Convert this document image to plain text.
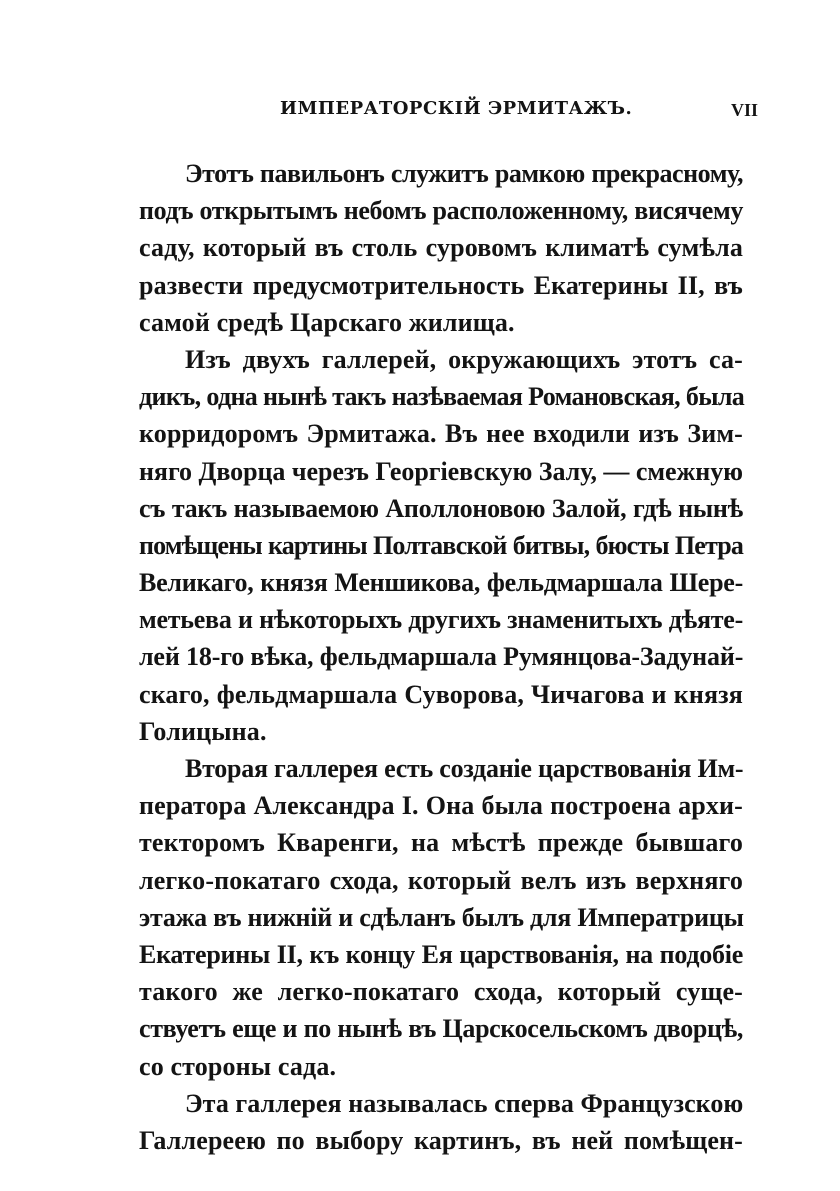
ИМПЕРАТОРСКІЙ ЭРМИТАЖЪ.	VII
Этотъ павильонъ служитъ рамкою прекрасному,
подъ открытымъ небомъ расположенному, висячему
саду, который въ столь суровомъ климатѣ сумѣла
развести предусмотрительность Екатерины II, въ
самой средѣ Царскаго жилища.
Изъ двухъ галлерей, окружающихъ этотъ са-
дикъ, одна нынѣ такъ назѣваемая Романовская, была
корридоромъ Эрмитажа. Въ нее входили изъ Зим-
няго Дворца черезъ Георгіевскую Залу, — смежную
съ такъ называемою Аполлоновою Залой, гдѣ нынѣ
помѣщены картины Полтавской битвы, бюсты Петра
Великаго, князя Меншикова, фельдмаршала Шере-
метьева и нѣкоторыхъ другихъ знаменитыхъ дѣяте-
лей 18-го вѣка, фельдмаршала Румянцова-Задунай-
скаго, фельдмаршала Суворова, Чичагова и князя
Голицына.
Вторая галлерея есть созданіе царствованія Им-
ператора Александра I. Она была построена архи-
текторомъ Кваренги, на мѣстѣ прежде бывшаго
легко-покатаго схода, который велъ изъ верхняго
этажа въ нижній и сдѣланъ былъ для Императрицы
Екатерины II, къ концу Ея царствованія, на подобіе
такого же легко-покатаго схода, который суще-
ствуетъ еще и по нынѣ въ Царскосельскомъ дворцѣ,
со стороны сада.
Эта галлерея называлась сперва Французскою
Галлереею по выбору картинъ, въ ней помѣщен-
